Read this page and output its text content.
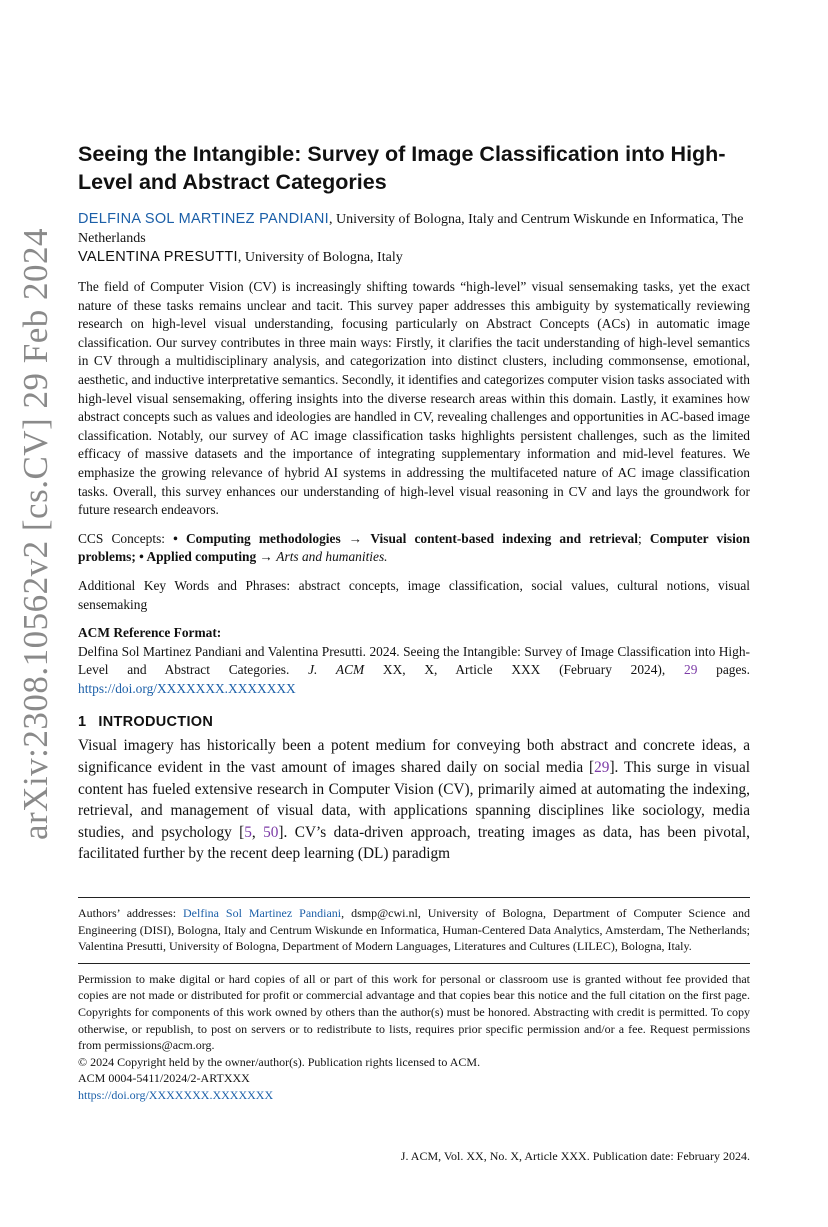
arXiv:2308.10562v2 [cs.CV] 29 Feb 2024
Seeing the Intangible: Survey of Image Classification into High-Level and Abstract Categories

DELFINA SOL MARTINEZ PANDIANI, University of Bologna, Italy and Centrum Wiskunde en Informatica, The Netherlands

VALENTINA PRESUTTI, University of Bologna, Italy

The field of Computer Vision (CV) is increasingly shifting towards “high-level” visual sensemaking tasks, yet the exact nature of these tasks remains unclear and tacit. This survey paper addresses this ambiguity by systematically reviewing research on high-level visual understanding, focusing particularly on Abstract Concepts (ACs) in automatic image classification. Our survey contributes in three main ways: Firstly, it clarifies the tacit understanding of high-level semantics in CV through a multidisciplinary analysis, and categorization into distinct clusters, including commonsense, emotional, aesthetic, and inductive interpretative semantics. Secondly, it identifies and categorizes computer vision tasks associated with high-level visual sensemaking, offering insights into the diverse research areas within this domain. Lastly, it examines how abstract concepts such as values and ideologies are handled in CV, revealing challenges and opportunities in AC-based image classification. Notably, our survey of AC image classification tasks highlights persistent challenges, such as the limited efficacy of massive datasets and the importance of integrating supplementary information and mid-level features. We emphasize the growing relevance of hybrid AI systems in addressing the multifaceted nature of AC image classification tasks. Overall, this survey enhances our understanding of high-level visual reasoning in CV and lays the groundwork for future research endeavors.

CCS Concepts: • Computing methodologies → Visual content-based indexing and retrieval; Computer vision problems; • Applied computing → Arts and humanities.

Additional Key Words and Phrases: abstract concepts, image classification, social values, cultural notions, visual sensemaking

ACM Reference Format:

Delfina Sol Martinez Pandiani and Valentina Presutti. 2024. Seeing the Intangible: Survey of Image Classification into High-Level and Abstract Categories. J. ACM XX, X, Article XXX (February 2024), 29 pages. https://doi.org/XXXXXXX.XXXXXXX

1 INTRODUCTION

Visual imagery has historically been a potent medium for conveying both abstract and concrete ideas, a significance evident in the vast amount of images shared daily on social media [29]. This surge in visual content has fueled extensive research in Computer Vision (CV), primarily aimed at automating the indexing, retrieval, and management of visual data, with applications spanning disciplines like sociology, media studies, and psychology [5, 50]. CV’s data-driven approach, treating images as data, has been pivotal, facilitated further by the recent deep learning (DL) paradigm

Authors’ addresses: Delfina Sol Martinez Pandiani, dsmp@cwi.nl, University of Bologna, Department of Computer Science and Engineering (DISI), Bologna, Italy and Centrum Wiskunde en Informatica, Human-Centered Data Analytics, Amsterdam, The Netherlands; Valentina Presutti, University of Bologna, Department of Modern Languages, Literatures and Cultures (LILEC), Bologna, Italy.

Permission to make digital or hard copies of all or part of this work for personal or classroom use is granted without fee provided that copies are not made or distributed for profit or commercial advantage and that copies bear this notice and the full citation on the first page. Copyrights for components of this work owned by others than the author(s) must be honored. Abstracting with credit is permitted. To copy otherwise, or republish, to post on servers or to redistribute to lists, requires prior specific permission and/or a fee. Request permissions from permissions@acm.org.

© 2024 Copyright held by the owner/author(s). Publication rights licensed to ACM.

ACM 0004-5411/2024/2-ARTXXX

https://doi.org/XXXXXXX.XXXXXXX

J. ACM, Vol. XX, No. X, Article XXX. Publication date: February 2024.
